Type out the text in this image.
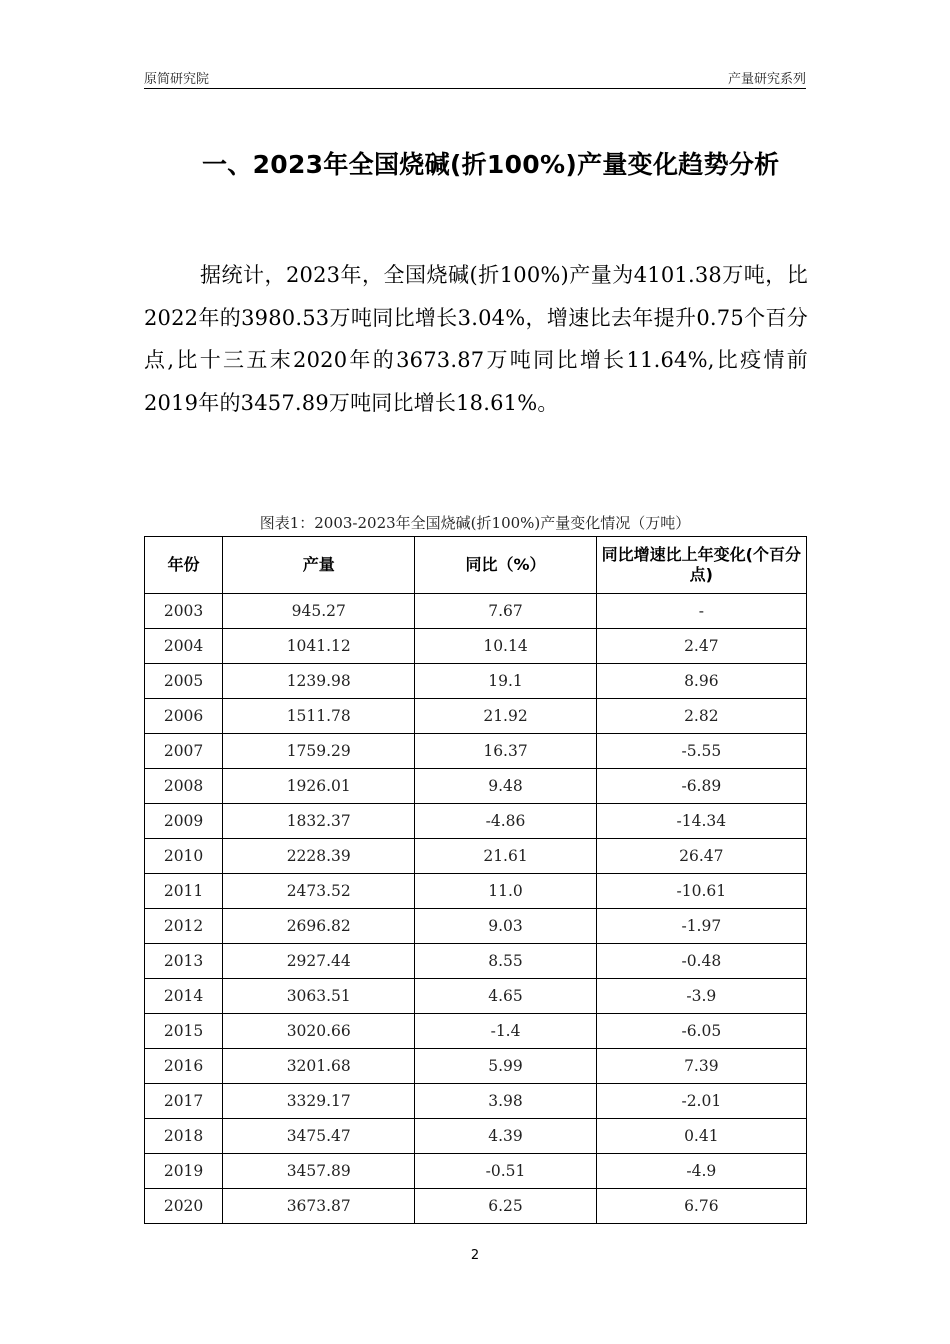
原简研究院	产量研究系列
一、2023年全国烧碱(折100%)产量变化趋势分析
据统计，2023年，全国烧碱(折100%)产量为4101.38万吨，比2022年的3980.53万吨同比增长3.04%，增速比去年提升0.75个百分点,比十三五末2020年的3673.87万吨同比增长11.64%,比疫情前2019年的3457.89万吨同比增长18.61%。
图表1：2003-2023年全国烧碱(折100%)产量变化情况（万吨）
年份	产量	同比（%）	同比增速比上年变化(个百分点)
2003	945.27	7.67	-
2004	1041.12	10.14	2.47
2005	1239.98	19.1	8.96
2006	1511.78	21.92	2.82
2007	1759.29	16.37	-5.55
2008	1926.01	9.48	-6.89
2009	1832.37	-4.86	-14.34
2010	2228.39	21.61	26.47
2011	2473.52	11.0	-10.61
2012	2696.82	9.03	-1.97
2013	2927.44	8.55	-0.48
2014	3063.51	4.65	-3.9
2015	3020.66	-1.4	-6.05
2016	3201.68	5.99	7.39
2017	3329.17	3.98	-2.01
2018	3475.47	4.39	0.41
2019	3457.89	-0.51	-4.9
2020	3673.87	6.25	6.76
2
